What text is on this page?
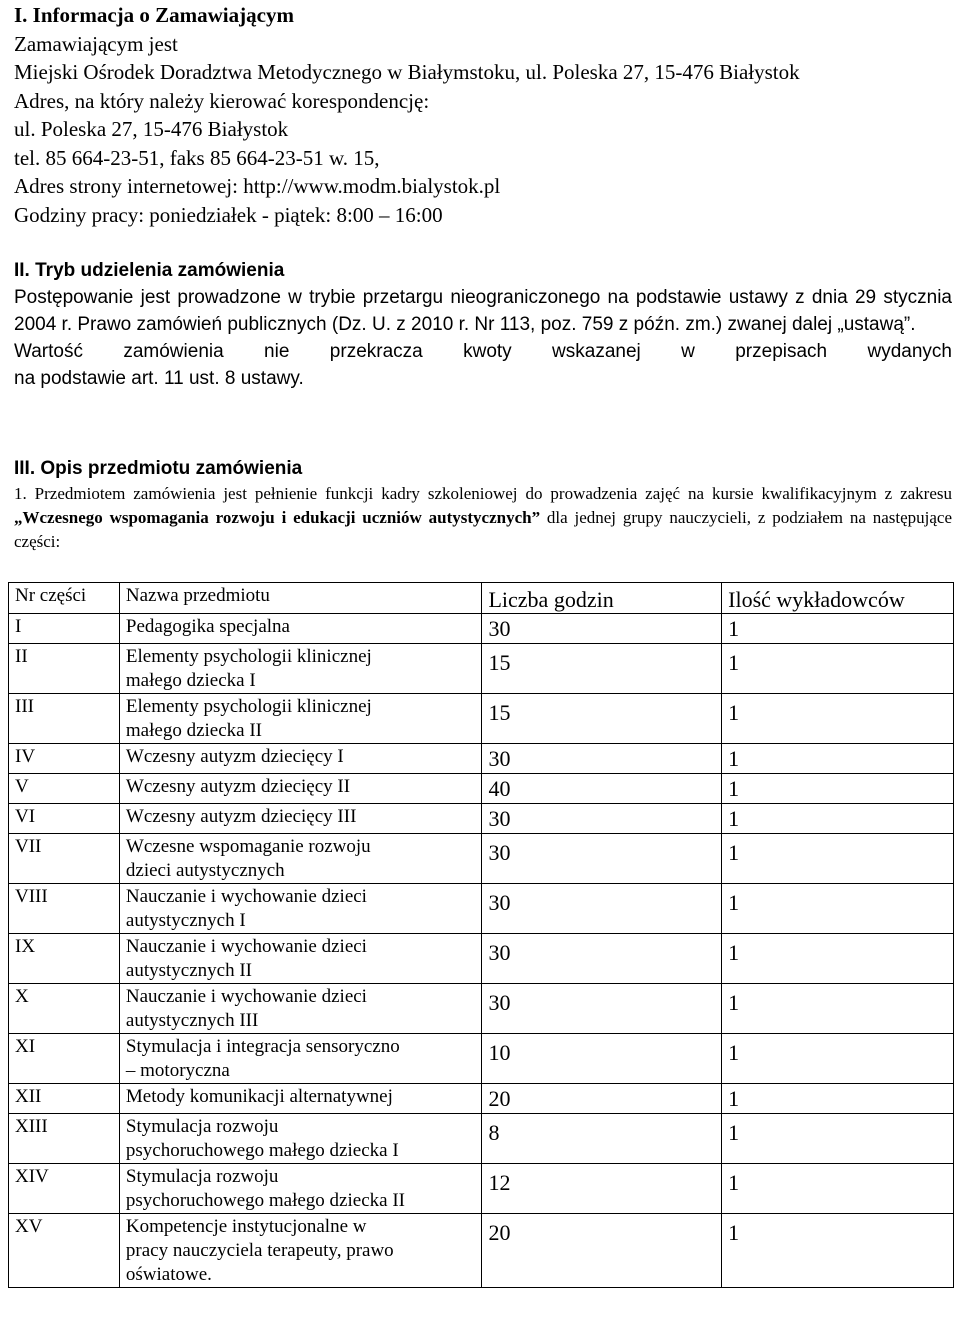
I. Informacja o Zamawiającym
Zamawiającym jest
Miejski Ośrodek Doradztwa Metodycznego w Białymstoku, ul. Poleska 27, 15-476 Białystok
Adres, na który należy kierować korespondencję:
ul. Poleska 27, 15-476 Białystok
tel. 85 664-23-51, faks 85 664-23-51 w. 15,
Adres strony internetowej: http://www.modm.bialystok.pl
Godziny pracy: poniedziałek - piątek: 8:00 – 16:00
II. Tryb udzielenia zamówienia
Postępowanie jest prowadzone w trybie przetargu nieograniczonego na podstawie ustawy z dnia 29 stycznia 2004 r. Prawo zamówień publicznych (Dz. U. z 2010 r. Nr 113, poz. 759 z późn. zm.) zwanej dalej „ustawą”.
Wartość zamówienia nie przekracza kwoty wskazanej w przepisach wydanych
na podstawie art. 11 ust. 8 ustawy.
III. Opis przedmiotu zamówienia
1. Przedmiotem zamówienia jest pełnienie funkcji kadry szkoleniowej do prowadzenia zajęć na kursie kwalifikacyjnym z zakresu „Wczesnego wspomagania rozwoju i edukacji uczniów autystycznych” dla jednej grupy nauczycieli, z podziałem na następujące części:
Nr części	Nazwa przedmiotu	Liczba godzin	Ilość wykładowców
I	Pedagogika specjalna	30	1
II	Elementy psychologii klinicznej
małego dziecka I	15	1
III	Elementy psychologii klinicznej
małego dziecka II	15	1
IV	Wczesny autyzm dziecięcy I	30	1
V	Wczesny autyzm dziecięcy II	40	1
VI	Wczesny autyzm dziecięcy III	30	1
VII	Wczesne wspomaganie rozwoju
dzieci autystycznych	30	1
VIII	Nauczanie i wychowanie dzieci
autystycznych I	30	1
IX	Nauczanie i wychowanie dzieci
autystycznych II	30	1
X	Nauczanie i wychowanie dzieci
autystycznych III	30	1
XI	Stymulacja i integracja sensoryczno
– motoryczna	10	1
XII	Metody komunikacji alternatywnej	20	1
XIII	Stymulacja rozwoju
psychoruchowego małego dziecka I	8	1
XIV	Stymulacja rozwoju
psychoruchowego małego dziecka II	12	1
XV	Kompetencje instytucjonalne w
pracy nauczyciela terapeuty, prawo
oświatowe.	20	1
